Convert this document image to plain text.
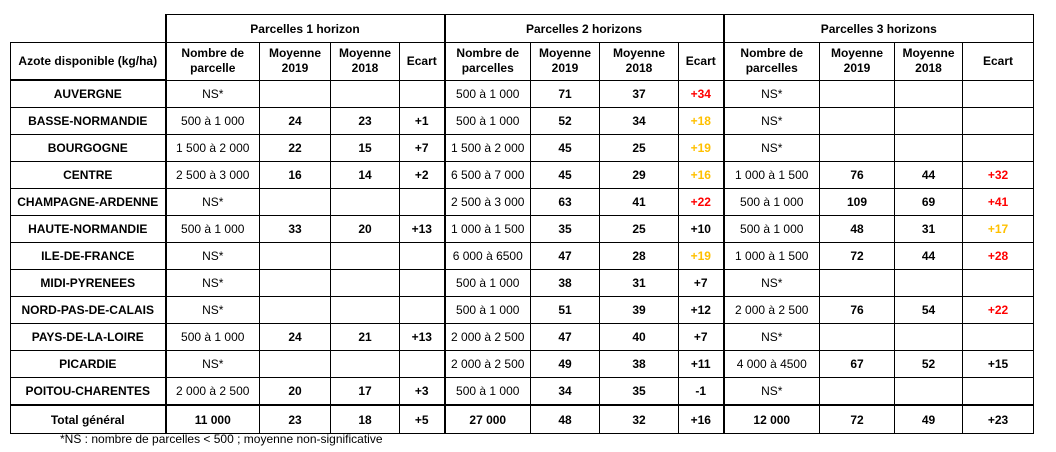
	Parcelles 1 horizon				Parcelles 2 horizons				Parcelles 3 horizons			
Azote disponible (kg/ha)	Nombre de parcelle	Moyenne 2019	Moyenne 2018	Ecart	Nombre de parcelles	Moyenne 2019	Moyenne 2018	Ecart	Nombre de parcelles	Moyenne 2019	Moyenne 2018	Ecart
AUVERGNE	NS*				500 à 1 000	71	37	+34	NS*			
BASSE-NORMANDIE	500 à 1 000	24	23	+1	500 à 1 000	52	34	+18	NS*			
BOURGOGNE	1 500 à 2 000	22	15	+7	1 500 à 2 000	45	25	+19	NS*			
CENTRE	2 500 à 3 000	16	14	+2	6 500 à 7 000	45	29	+16	1 000 à 1 500	76	44	+32
CHAMPAGNE-ARDENNE	NS*				2 500 à 3 000	63	41	+22	500 à 1 000	109	69	+41
HAUTE-NORMANDIE	500 à 1 000	33	20	+13	1 000 à 1 500	35	25	+10	500 à 1 000	48	31	+17
ILE-DE-FRANCE	NS*				6 000 à 6500	47	28	+19	1 000 à 1 500	72	44	+28
MIDI-PYRENEES	NS*				500 à 1 000	38	31	+7	NS*			
NORD-PAS-DE-CALAIS	NS*				500 à 1 000	51	39	+12	2 000 à 2 500	76	54	+22
PAYS-DE-LA-LOIRE	500 à 1 000	24	21	+13	2 000 à 2 500	47	40	+7	NS*			
PICARDIE	NS*				2 000 à 2 500	49	38	+11	4 000 à 4500	67	52	+15
POITOU-CHARENTES	2 000 à 2 500	20	17	+3	500 à 1 000	34	35	-1	NS*			
Total général	11 000	23	18	+5	27 000	48	32	+16	12 000	72	49	+23
*NS : nombre de parcelles < 500 ; moyenne non-significative
